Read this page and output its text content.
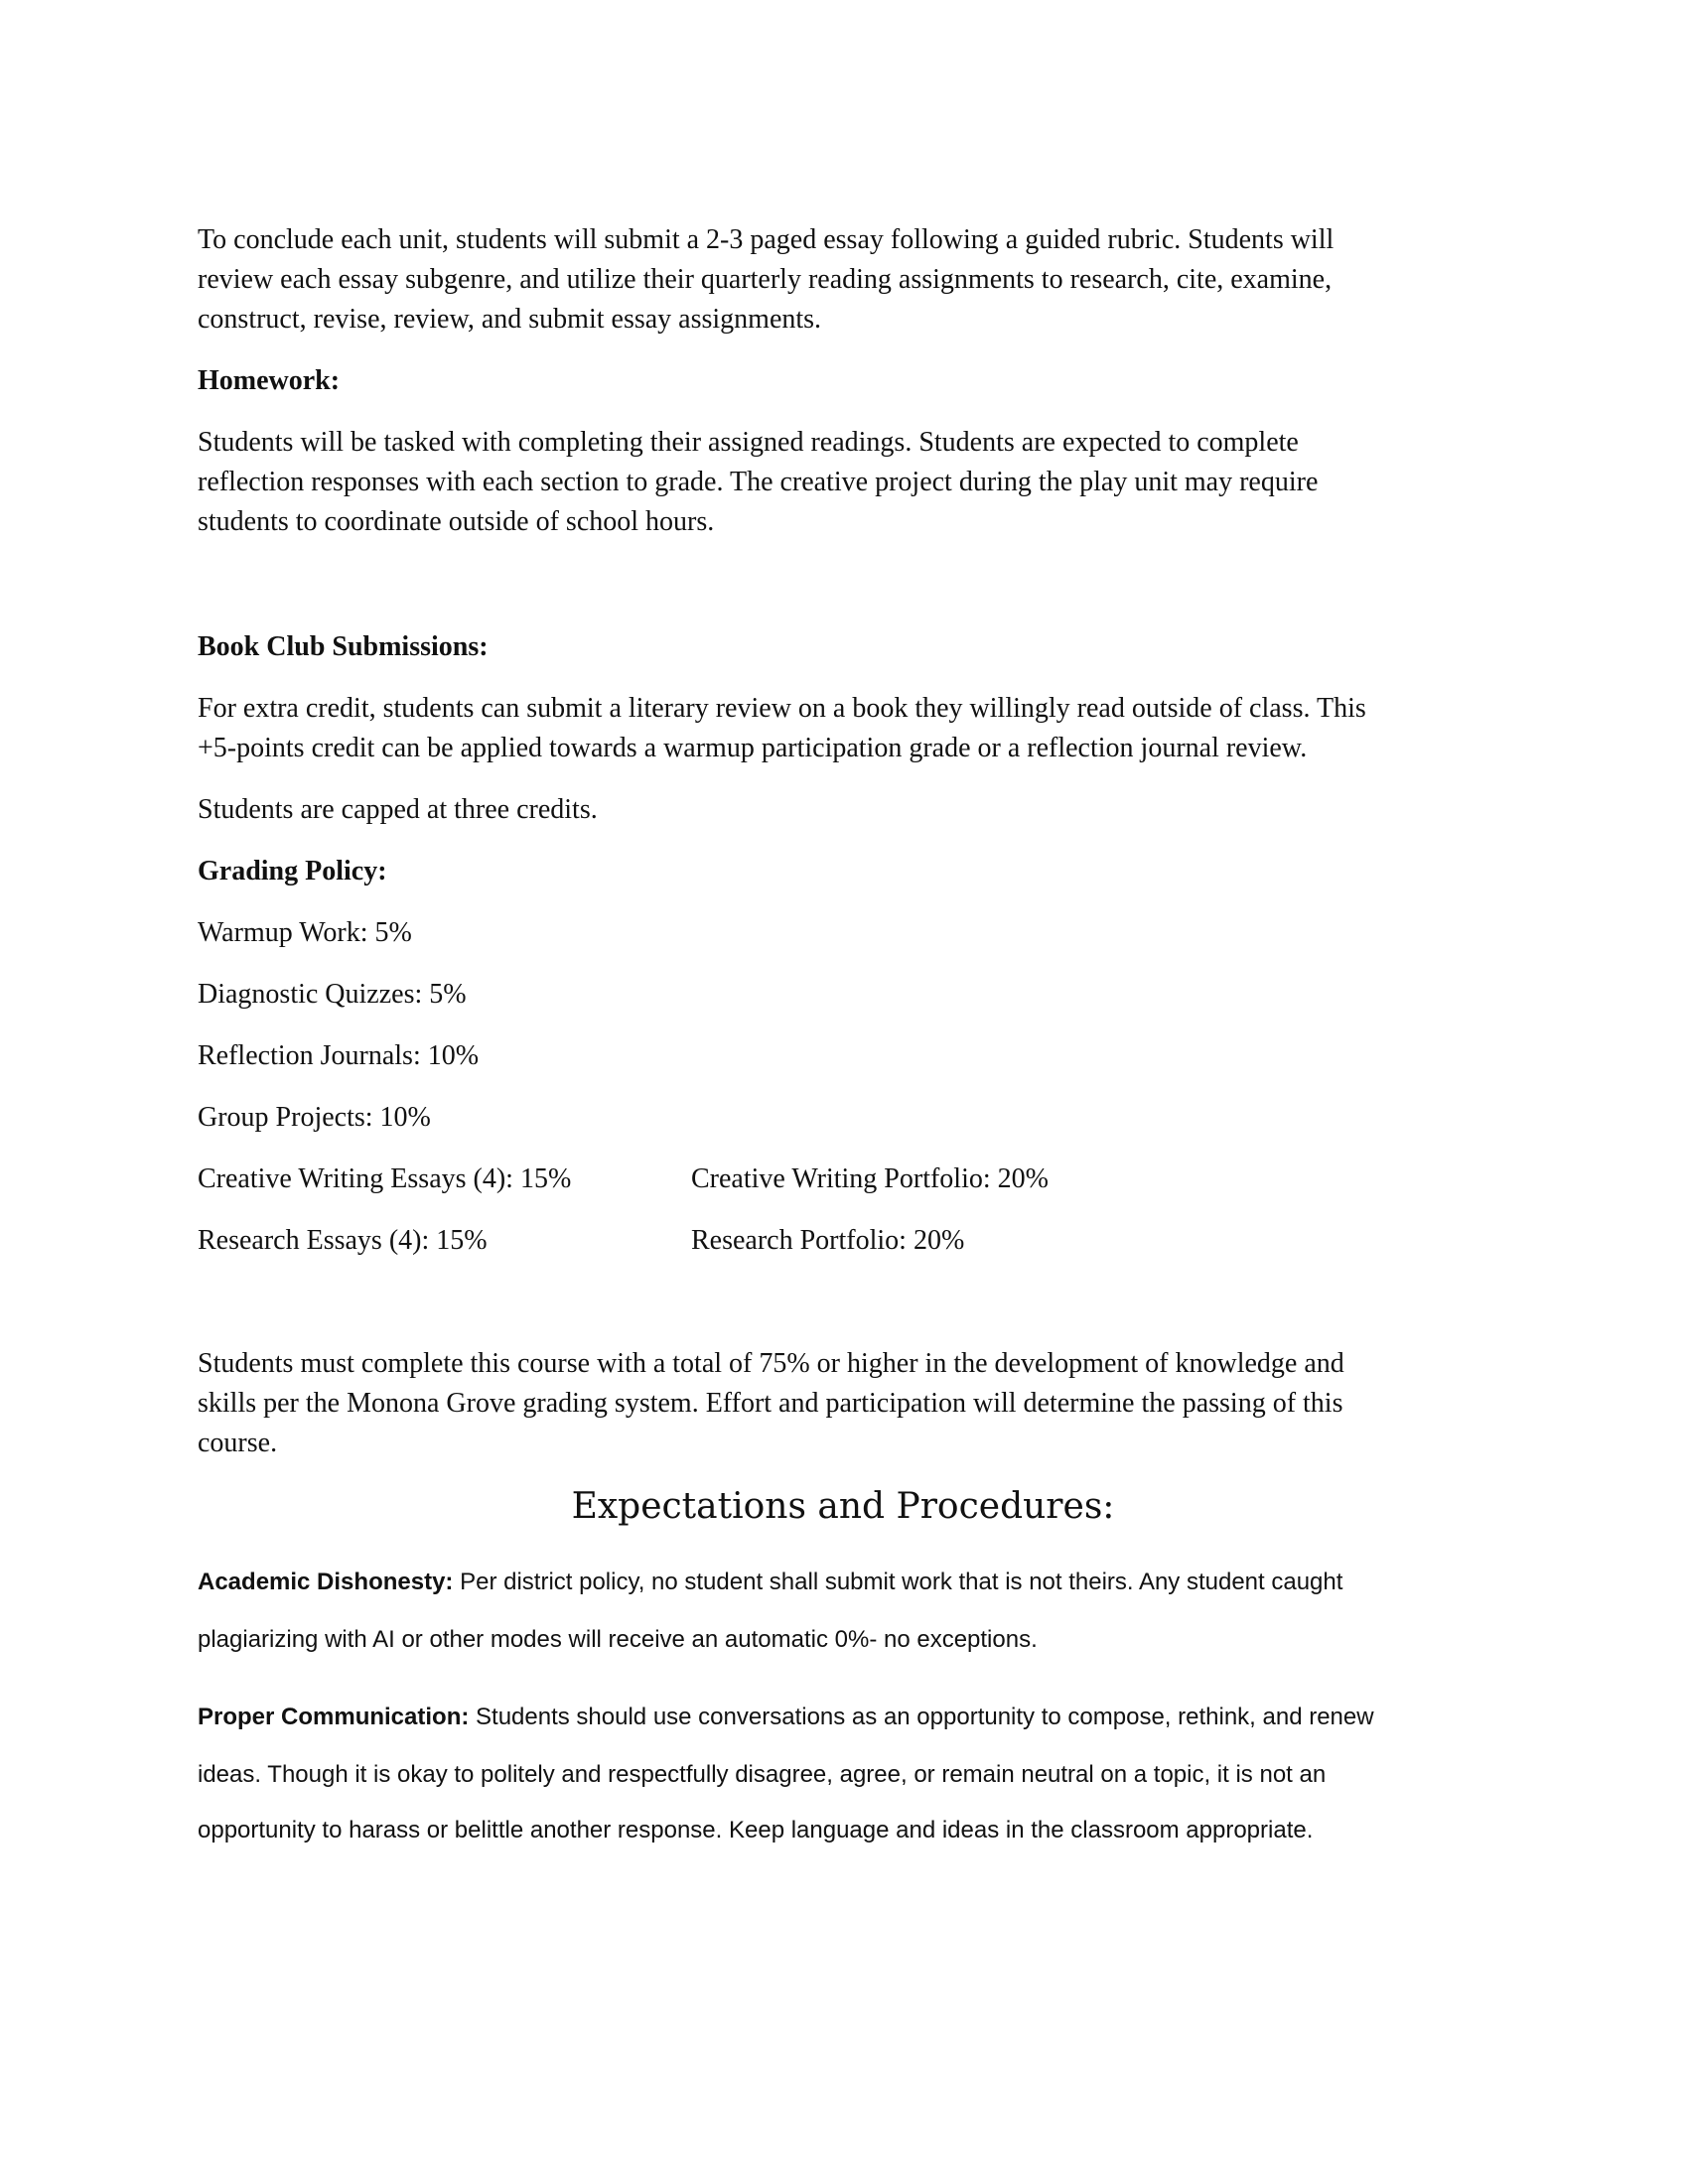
To conclude each unit, students will submit a 2-3 paged essay following a guided rubric. Students will
review each essay subgenre, and utilize their quarterly reading assignments to research, cite, examine,
construct, revise, review, and submit essay assignments.
Homework:
Students will be tasked with completing their assigned readings. Students are expected to complete
reflection responses with each section to grade. The creative project during the play unit may require
students to coordinate outside of school hours.
Book Club Submissions:
For extra credit, students can submit a literary review on a book they willingly read outside of class. This
+5-points credit can be applied towards a warmup participation grade or a reflection journal review.
Students are capped at three credits.
Grading Policy:
Warmup Work: 5%
Diagnostic Quizzes: 5%
Reflection Journals: 10%
Group Projects: 10%
Creative Writing Essays (4): 15%	Creative Writing Portfolio: 20%
Research Essays (4): 15%	Research Portfolio: 20%
Students must complete this course with a total of 75% or higher in the development of knowledge and
skills per the Monona Grove grading system. Effort and participation will determine the passing of this
course.
Expectations and Procedures:
Academic Dishonesty: Per district policy, no student shall submit work that is not theirs. Any student caught
plagiarizing with AI or other modes will receive an automatic 0%- no exceptions.
Proper Communication: Students should use conversations as an opportunity to compose, rethink, and renew
ideas. Though it is okay to politely and respectfully disagree, agree, or remain neutral on a topic, it is not an
opportunity to harass or belittle another response. Keep language and ideas in the classroom appropriate.
